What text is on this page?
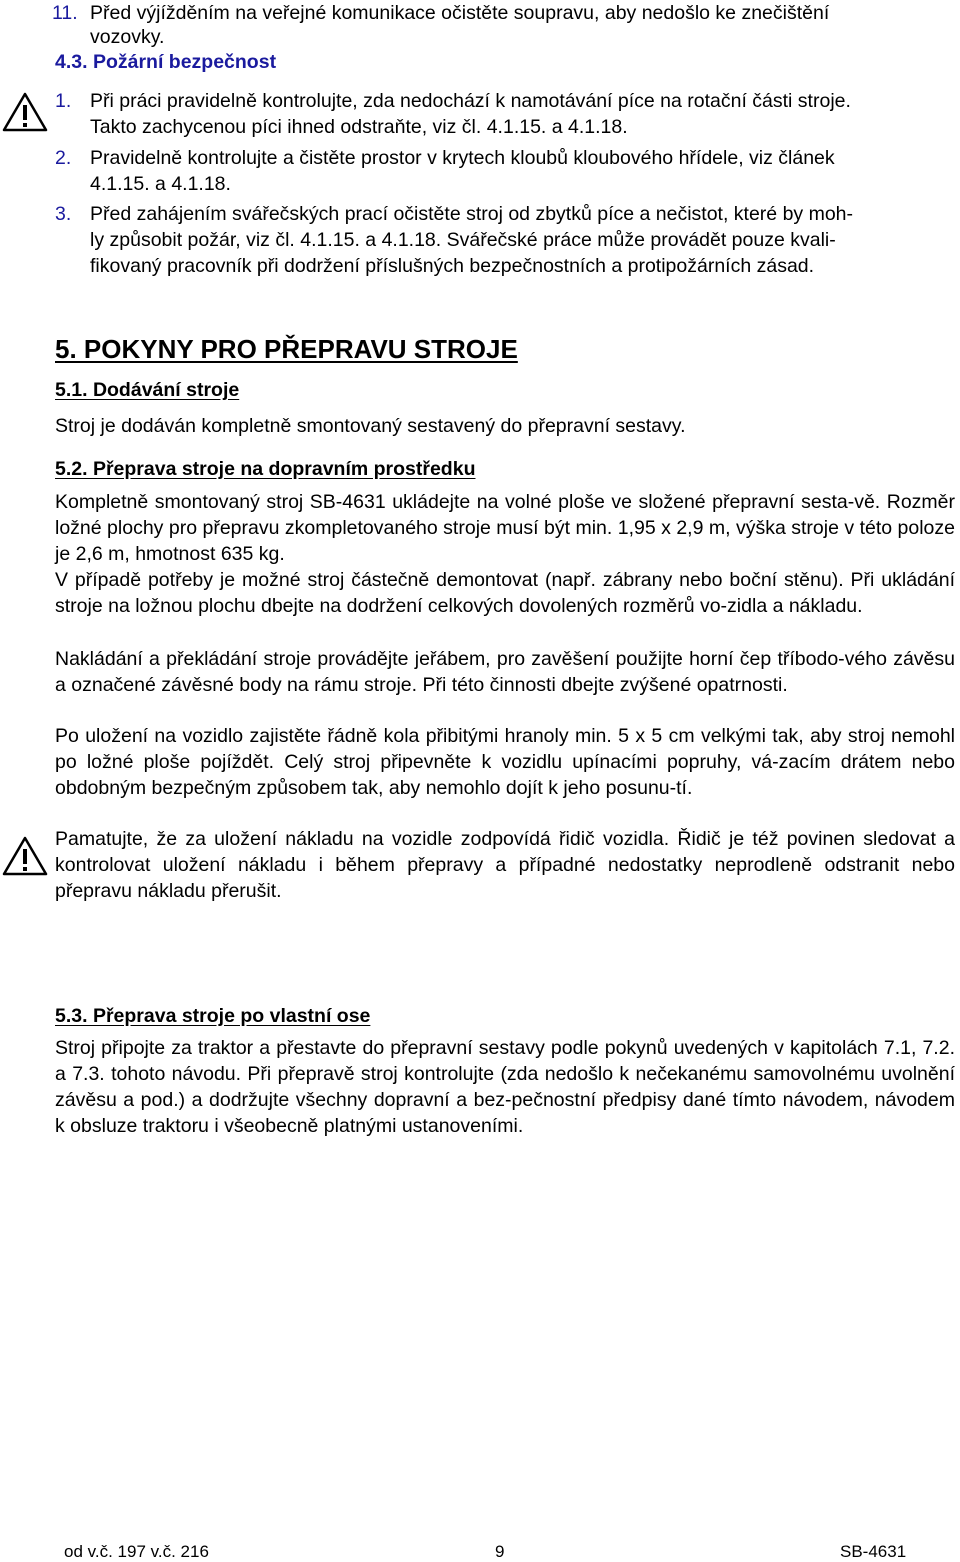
11. Před výjížděním na veřejné komunikace očistěte soupravu, aby nedošlo ke znečištění
vozovky.
4.3. Požární bezpečnost
1. Při práci pravidelně kontrolujte, zda nedochází k namotávání píce na rotační části stroje.
Takto zachycenou píci ihned odstraňte, viz čl. 4.1.15. a 4.1.18.
2. Pravidelně kontrolujte a čistěte prostor v krytech kloubů kloubového hřídele, viz článek
4.1.15. a 4.1.18.
3. Před zahájením svářečských prací očistěte stroj od zbytků píce a nečistot, které by moh-
ly způsobit požár, viz čl. 4.1.15. a 4.1.18. Svářečské práce může provádět pouze kvali-
fikovaný pracovník při dodržení příslušných bezpečnostních a protipožárních zásad.
5. POKYNY PRO PŘEPRAVU STROJE
5.1. Dodávání stroje
Stroj je dodáván kompletně smontovaný sestavený do přepravní sestavy.
5.2. Přeprava stroje na dopravním prostředku

Kompletně smontovaný stroj SB-4631 ukládejte na volné ploše ve složené přepravní sesta-vě. Rozměr ložné plochy pro přepravu zkompletovaného stroje musí být min. 1,95 x 2,9 m, výška stroje v této poloze je 2,6 m, hmotnost 635 kg.

V případě potřeby je možné stroj částečně demontovat (např. zábrany nebo boční stěnu). Při ukládání stroje na ložnou plochu dbejte na dodržení celkových dovolených rozměrů vo-zidla a nákladu.

Nakládání a překládání stroje provádějte jeřábem, pro zavěšení použijte horní čep tříbodo-vého závěsu a označené závěsné body na rámu stroje. Při této činnosti dbejte zvýšené opatrnosti.

Po uložení na vozidlo zajistěte řádně kola přibitými hranoly min. 5 x 5 cm velkými tak, aby stroj nemohl po ložné ploše pojíždět. Celý stroj připevněte k vozidlu upínacími popruhy, vá-zacím drátem nebo obdobným bezpečným způsobem tak, aby nemohlo dojít k jeho posunu-tí.

Pamatujte, že za uložení nákladu na vozidle zodpovídá řidič vozidla. Řidič je též povinen sledovat a kontrolovat uložení nákladu i během přepravy a případné nedostatky neprodleně odstranit nebo přepravu nákladu přerušit.

5.3. Přeprava stroje po vlastní ose

Stroj připojte za traktor a přestavte do přepravní sestavy podle pokynů uvedených v kapitolách 7.1, 7.2. a 7.3. tohoto návodu. Při přepravě stroj kontrolujte (zda nedošlo k nečekanému samovolnému uvolnění závěsu a pod.) a dodržujte všechny dopravní a bez-pečnostní předpisy dané tímto návodem, návodem k obsluze traktoru i všeobecně platnými ustanoveními.

od v.č. 197 v.č. 216	9	SB-4631
